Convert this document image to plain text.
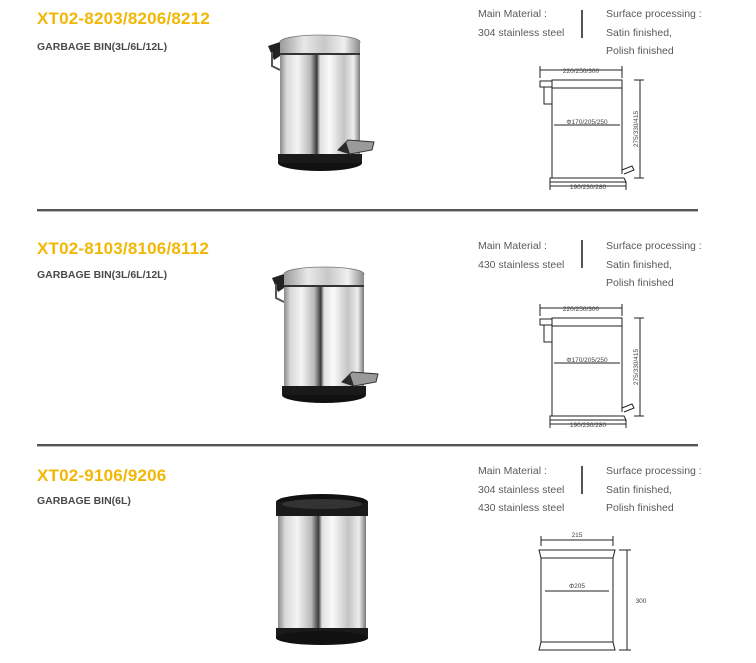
XT02-8203/8206/8212
GARBAGE BIN(3L/6L/12L)
Main Material :
304 stainless steel
Surface processing :
Satin finished,
Polish finished
220/250/300
Φ170/205/250	275/330/415
190/230/280
XT02-8103/8106/8112
GARBAGE BIN(3L/6L/12L)
Main Material :
430 stainless steel
Surface processing :
Satin finished,
Polish finished
220/250/300
Φ170/205/250	275/330/415
190/230/280
XT02-9106/9206
GARBAGE BIN(6L)
Main Material :
304 stainless steel
430 stainless steel
Surface processing :
Satin finished,
Polish finished
215
Φ205
300
